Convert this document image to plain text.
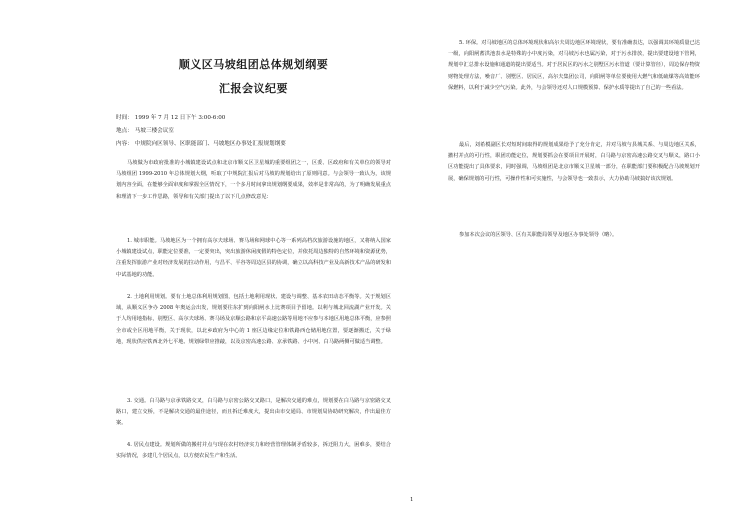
顺义区马坡组团总体规划纲要
汇报会议纪要
时间： 1999 年 7 月 12 日下午 3:00-6:00
地点： 马坡三楼会议室
内容： 中规院向区领导、区职能部门、马坡地区办事处汇报规划纲要

马坡做为市政府批准的小城镇建设试点和北京市顺义区卫星城的重要组团之一，区委、区政府和有关单位的领导对马坡组团 1999-2010 年总体规划大纲，听取了中规院汇报后对马坡的规划给出了原则同意。与会领导一致认为，该规划内容全面，在能够全面审度和掌握全区情况下，一个多月时间拿出规划纲要成果，效率是非常高的，为了明确发展重点和理清下一步工作思路，领导和有关部门提出了以下几点修改意见：

1. 城市职能。马坡地区为一个拥有高尔夫球场、赛马场和网球中心等一系列高档次旅游设施的地区，又将纳入国家小城镇建设试点，职能定位要准，一定要突出，突出旅游休闲度假的特色定位，并依托周边独特的自然环境和资源优势，注重发挥旅游产业对经济发展的拉动作用，与昌平、平谷等周边区县的协调，确立以高科技产业及高新技术产品的研发和中试基地的功能。

2. 土地利用规划。要有土地总体利用规划图，包括土地利用现状、建设与调整、基本农田动态平衡等。关于规划区域，从顺义区争办 2008 年奥运会出发，规划要往东扩到向阳闸水上比赛项目予留地。以利与城北回流湖产业开发。关于人均用地指标，别墅区、高尔夫球场、赛马场及京顺公路和京平高速公路等用地不应参与本地区用地总体平衡，应参照全市或全区用地平衡，关于现状，以北乡政府为中心的 1 座区边缘定位和铁路西仓储用地位置，要逐渐搬迁，关于绿地，现状供应铁西北外七平地、规划绿带应推敲，以及京密高速公路、京承铁路、小中河、白马路两侧可做适当调整。

3. 交通。白马路与京承铁路交叉，白马路与京密公路交叉路口，是解决交通的难点，规划要在白马路与京密路交叉路口，建立交桥，不是解决交通的最佳途径，而且拆迁难度大，提出由市交通局、市规划局协助研究解决，作出最佳方案。

4. 居民点建设。规划所做的搬村并点与现在农村经济实力和经营管理体制矛盾较多，拆迁阻力大，困难多，要结合实际情况，多建几个居民点，以方便农民生产和生活。

5. 环保。对马坡地区的总体环境现状和高尔夫周边地区环境现状，要有准确表达，以强调其环境质量已达一级，向阳闸蓄洪池表水是特殊的小中度污染，对马坡污水也属污染，对于污水排放，提出要建设地下管网，规划中汇总排水设施和通道的提出要适当。对于居民区的污水之别墅区污水管道（要计算管径），周边保存物资财物处理方法，噪音厂、别墅区、居民区，高尔夫集团公司，向阳闸等单位要使用大燃气和低硫煤等高效能环保燃料，以利于减少空气污染。此外，与会领导还对人口规模预算、保护水质等提出了自己的一些看法。

最后，刘希模副区长对短时间取得的规划成果给予了充分肯定，并对马坡与县城关系、与周边地区关系，撤村并点的可行性，职团功能定位，规划要抓会在要项目开展时，白马路与京密高速公路交叉与顺义，路口小区功能提出了具体要求，同时强调，马坡组团是北京市顺义卫星城一部分，在职能部门要积极配合马坡规划开展，确保规划的可行性，可操作性和可实施性，与会领导也一致表示，大力协助马坡搞好该次规划。

参加本次会议的区领导、区有关职能局领导及地区办事处领导（略）。

1
